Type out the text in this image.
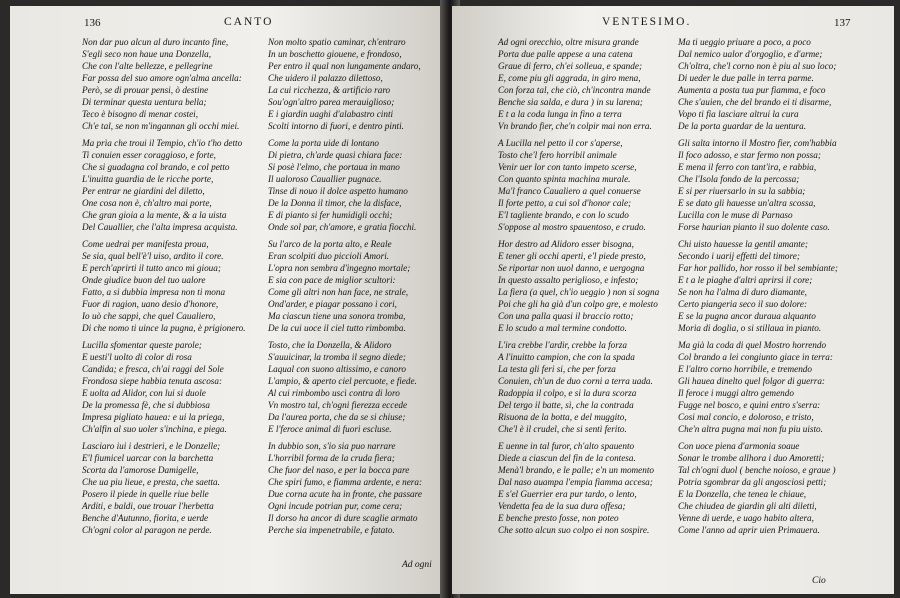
136	CANTO
Non dar puo alcun al duro incanto fine,
S'egli seco non haue una Donzella,
Che con l'alte bellezze, e pellegrine
Far possa del suo amore ogn'alma ancella:
Però, se di prouar pensi, ò destine
Di terminar questa uentura bella;
Teco è bisogno di menar costei,
Ch'e tal, se non m'ingannan gli occhi miei.
Ma prìa che troui il Tempio, ch'io t'ho detto
Ti conuien esser coraggioso, e forte,
Che si guadagna col brando, e col petto
L'inuitta guardia de le ricche porte,
Per entrar ne giardini del diletto,
One cosa non è, ch'altro mai porte,
Che gran gioia a la mente, & a la uista
Del Cauallier, che l'alta impresa acquista.
Come uedrai per manifesta proua,
Se sia, qual bell'è'l uiso, ardito il core.
E perch'aprirti il tutto anco mi gioua;
Onde giudice buon del tuo ualore
Fatto, a si dubbia impresa non ti mona
Fuor di ragion, uano desio d'honore,
Io uò che sappi, che quel Caualiero,
Di che nomo ti uince la pugna, è prigionero.
Lucilla sfomentar queste parole;
E uesti'l uolto di color di rosa
Candida; e fresca, ch'ai raggi del Sole
Frondosa siepe habbia tenuta ascosa:
E uolta ad Alidor, con lui si duole
De la promessa fè, che si dubbiosa
Impresa pigliato hauea: e ui la priega,
Ch'alfin al suo uoler s'inchina, e piega.
Lasciaro iui i destrieri, e le Donzelle;
E'l fiumicel uarcar con la barchetta
Scorta da l'amorose Damigelle,
Che ua piu lieue, e presta, che saetta.
Posero il piede in quelle riue belle
Arditi, e baldi, oue trouar l'herbetta
Benche d'Autunno, fiorita, e uerde
Ch'ogni color al paragon ne perde.
Non molto spatio caminar, ch'entraro
In un boschetto giouene, e frondoso,
Per entro il qual non lungamente andaro,
Che uidero il palazzo dilettoso,
La cui ricchezza, & artificio raro
Sou'ogn'altro parea merauiglioso;
E i giardin uaghi d'alabastro cinti
Scolti intorno di fuori, e dentro pinti.
Come la porta uide di lontano
Di pietra, ch'arde quasi chiara face:
Si posè l'elmo, che portaua in mano
Il ualoroso Cauallier pugnace.
Tinse di nouo il dolce aspetto humano
De la Donna il timor, che la disface,
E di pianto si fer humidigli occhi;
Onde sol par, ch'amore, e gratia fiocchi.
Su l'arco de la porta alto, e Reale
Eran scolpiti duo piccioli Amori.
L'opra non sembra d'ingegno mortale;
E sia con pace de miglior scultori:
Come gli altri non han face, ne strale,
Ond'arder, e piagar possano i cori,
Ma ciascun tiene una sonora tromba,
De la cui uoce il ciel tutto rimbomba.
Tosto, che la Donzella, & Alidoro
S'auuicinar, la tromba il segno diede;
Laqual con suono altissimo, e canoro
L'ampio, & aperto ciel percuote, e fiede.
Al cui rimbombo uscì contra di loro
Vn mostro tal, ch'ogni fierezza eccede
Da l'aurea porta, che da se si chiuse;
E l'feroce animal di fuori escluse.
In dubbio son, s'io sia puo narrare
L'horribil forma de la cruda fiera;
Che fuor del naso, e per la bocca pare
Che spiri fumo, e fiamma ardente, e nera:
Due corna acute ha in fronte, che passare
Ogni incude potrian pur, come cera;
Il dorso ha ancor di dure scaglie armato
Perche sia impenetrabile, e fatato.
Ad ogni
VENTESIMO.	137
Ad ogni orecchio, oltre misura grande
Porta due palle appese a una catena
Graue di ferro, ch'ei solleua, e spande;
E, come piu gli aggrada, in giro mena,
Con forza tal, che ciò, ch'incontra mande
Benche sia salda, e dura ) in su larena;
E t a la coda lunga in fino a terra
Vn brando fier, che'n colpir mai non erra.
A Lucilla nel petto il cor s'aperse,
Tosto che'l fero horribil animale
Venir uer lor con tanto impeto scerse,
Con quanto spinta machina murale.
Ma'l franco Caualiero a quel conuerse
Il forte petto, a cui sol d'honor cale;
E'l tagliente brando, e con lo scudo
S'oppose al mostro spauentoso, e crudo.
Hor destro ad Alidoro esser bisogna,
E tener gli occhi aperti, e'l piede presto,
Se riportar non uuol danno, e uergogna
In questo assalto periglioso, e infesto;
La fiera (a quel, ch'io ueggio ) non si sogna
Poi che gli ha già d'un colpo gre, e molesto
Con una palla quasi il braccio rotto;
E lo scudo a mal termine condotto.
L'ira crebbe l'ardir, crebbe la forza
A l'inuitto campion, che con la spada
La testa gli feri si, che per forza
Conuien, ch'un de duo corni a terra uada.
Radoppia il colpo, e si la dura scorza
Del tergo il batte, sì, che la contrada
Risuona de la botta, e del muggito,
Che'l è il crudel, che si sentì ferito.
E uenne in tal furor, ch'alto spauento
Diede a ciascun del fin de la contesa.
Menà'l brando, e le palle; e'n un momento
Dal naso auampa l'empia fiamma accesa;
E s'el Guerrier era pur tardo, o lento,
Vendetta fea de la sua dura offesa;
E benche presto fosse, non poteo
Che sotto alcun suo colpo ei non sospire.
Ma ti ueggio priuare a poco, a poco
Dal nemico ualor d'orgoglio, e d'arme;
Ch'oltra, che'l corno non è piu al suo loco;
Di ueder le due palle in terra parme.
Aumenta a posta tua pur fiamma, e foco
Che s'auien, che del brando ei ti disarme,
Vopo ti fia lasciare altrui la cura
De la porta guardar de la uentura.
Gli salta intorno il Mostro fier, com'habbia
Il foco adosso, e star fermo non possa;
E mena il ferro con tant'ira, e rabbia,
Che l'Isola fondo de la percossa;
E si per riuersarlo in su la sabbia;
E se dato gli hauesse un'altra scossa,
Lucilla con le muse di Parnaso
Forse haurian pianto il suo dolente caso.
Chi uisto hauesse la gentil amante;
Secondo i uarij effetti del timore;
Far hor pallido, hor rosso il bel sembiante;
E t a le piaghe d'altri aprirsi il core;
Se non ha l'alma di duro diamante,
Certo piangeria seco il suo dolore:
E se la pugna ancor duraua alquanto
Moria di doglia, o si stillaua in pianto.
Ma già la coda di quel Mostro horrendo
Col brando a lei congiunto giace in terra:
E l'altro corno horribile, e tremendo
Gli hauea dinelto quel folgor di guerra:
Il feroce i muggi altro gemendo
Fugge nel bosco, e quini entro s'serra:
Cosi mal concio, e doloroso, e tristo,
Che'n altra pugna mai non fu piu uisto.
Con uoce piena d'armonia soaue
Sonar le trombe allhora i duo Amoretti;
Tal ch'ogni duol ( benche noioso, e graue )
Potria sgombrar da gli angosciosi petti;
E la Donzella, che tenea le chiaue,
Che chiudea de giardin gli alti diletti,
Venne di uerde, e uago habito altera,
Come l'anno ad aprir uien Primauera.
Cio
